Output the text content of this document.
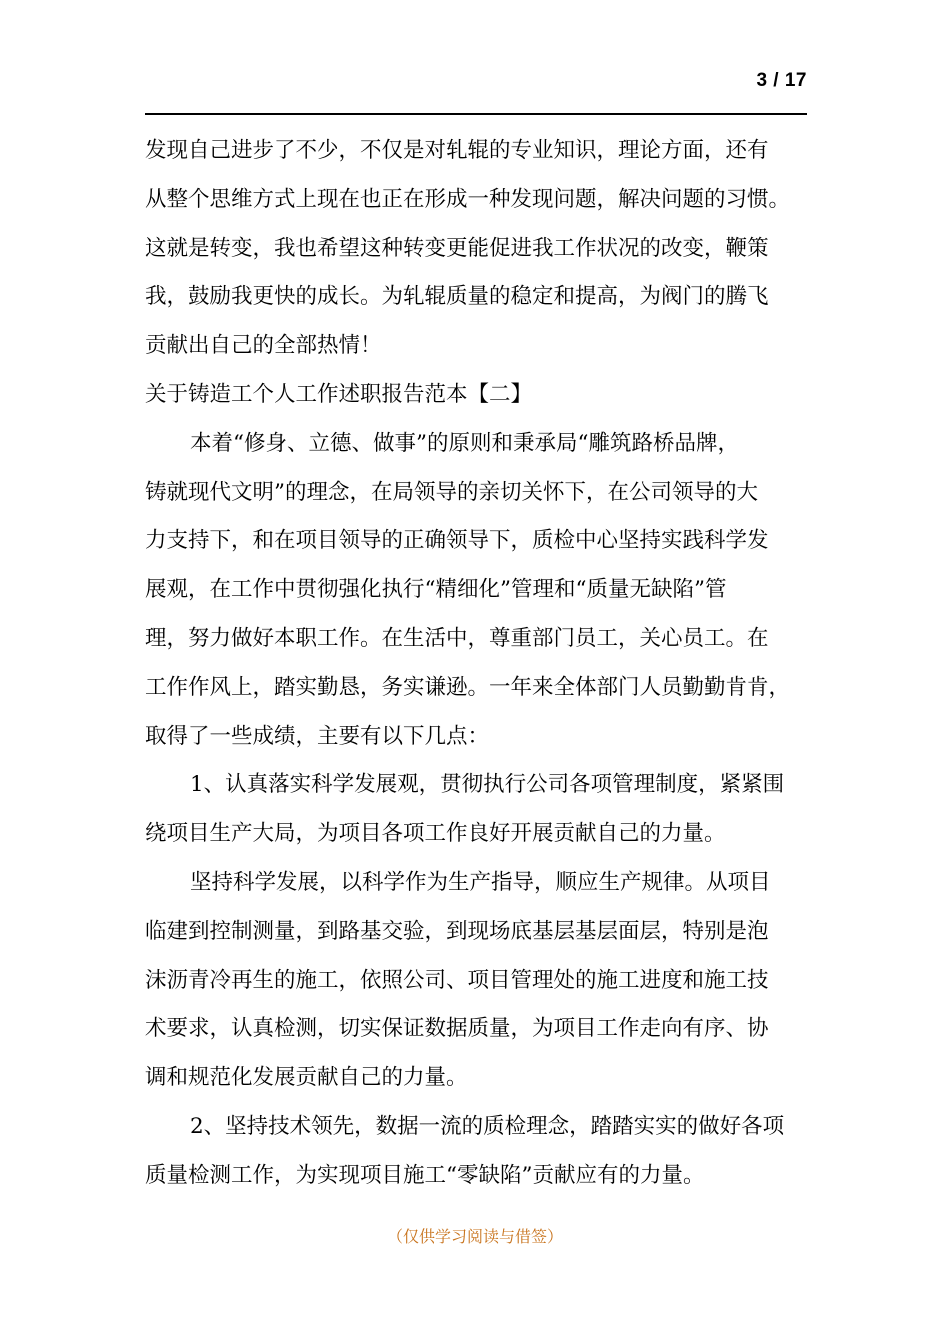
3 / 17
发现自己进步了不少，不仅是对轧辊的专业知识，理论方面，还有
从整个思维方式上现在也正在形成一种发现问题，解决问题的习惯。
这就是转变，我也希望这种转变更能促进我工作状况的改变，鞭策
我，鼓励我更快的成长。为轧辊质量的稳定和提高，为阀门的腾飞
贡献出自己的全部热情！
关于铸造工个人工作述职报告范本【二】
本着“修身、立德、做事”的原则和秉承局“雕筑路桥品牌，
铸就现代文明”的理念，在局领导的亲切关怀下，在公司领导的大
力支持下，和在项目领导的正确领导下，质检中心坚持实践科学发
展观，在工作中贯彻强化执行“精细化”管理和“质量无缺陷”管
理，努力做好本职工作。在生活中，尊重部门员工，关心员工。在
工作作风上，踏实勤恳，务实谦逊。一年来全体部门人员勤勤肯肯，
取得了一些成绩，主要有以下几点：
1、认真落实科学发展观，贯彻执行公司各项管理制度，紧紧围
绕项目生产大局，为项目各项工作良好开展贡献自己的力量。
坚持科学发展，以科学作为生产指导，顺应生产规律。从项目
临建到控制测量，到路基交验，到现场底基层基层面层，特别是泡
沫沥青冷再生的施工，依照公司、项目管理处的施工进度和施工技
术要求，认真检测，切实保证数据质量，为项目工作走向有序、协
调和规范化发展贡献自己的力量。
2、坚持技术领先，数据一流的质检理念，踏踏实实的做好各项
质量检测工作，为实现项目施工“零缺陷”贡献应有的力量。
（仅供学习阅读与借签）
